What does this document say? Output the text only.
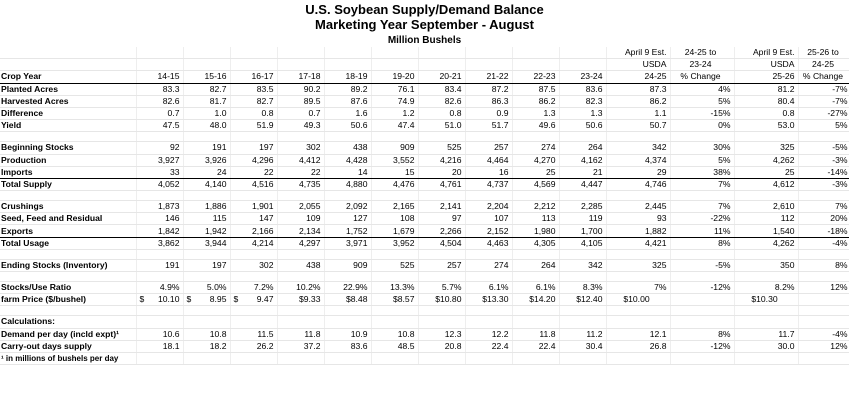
U.S. Soybean Supply/Demand Balance
Marketing Year September - August
Million Bushels
											April 9 Est.	24-25 to	April 9 Est.	25-26 to
											USDA	23-24	USDA	24-25
Crop Year	14-15	15-16	16-17	17-18	18-19	19-20	20-21	21-22	22-23	23-24	24-25	% Change	25-26	% Change
Planted Acres	83.3	82.7	83.5	90.2	89.2	76.1	83.4	87.2	87.5	83.6	87.3	4%	81.2	-7%
Harvested Acres	82.6	81.7	82.7	89.5	87.6	74.9	82.6	86.3	86.2	82.3	86.2	5%	80.4	-7%
Difference	0.7	1.0	0.8	0.7	1.6	1.2	0.8	0.9	1.3	1.3	1.1	-15%	0.8	-27%
Yield	47.5	48.0	51.9	49.3	50.6	47.4	51.0	51.7	49.6	50.6	50.7	0%	53.0	5%

Beginning Stocks	92	191	197	302	438	909	525	257	274	264	342	30%	325	-5%
Production	3,927	3,926	4,296	4,412	4,428	3,552	4,216	4,464	4,270	4,162	4,374	5%	4,262	-3%
Imports	33	24	22	22	14	15	20	16	25	21	29	38%	25	-14%
Total Supply	4,052	4,140	4,516	4,735	4,880	4,476	4,761	4,737	4,569	4,447	4,746	7%	4,612	-3%

Crushings	1,873	1,886	1,901	2,055	2,092	2,165	2,141	2,204	2,212	2,285	2,445	7%	2,610	7%
Seed, Feed and Residual	146	115	147	109	127	108	97	107	113	119	93	-22%	112	20%
Exports	1,842	1,942	2,166	2,134	1,752	1,679	2,266	2,152	1,980	1,700	1,882	11%	1,540	-18%
Total Usage	3,862	3,944	4,214	4,297	3,971	3,952	4,504	4,463	4,305	4,105	4,421	8%	4,262	-4%

Ending Stocks (Inventory)	191	197	302	438	909	525	257	274	264	342	325	-5%	350	8%

Stocks/Use Ratio	4.9%	5.0%	7.2%	10.2%	22.9%	13.3%	5.7%	6.1%	6.1%	8.3%	7%	-12%	8.2%	12%
farm Price ($/bushel)	$ 10.10	$ 8.95	$ 9.47	$9.33	$8.48	$8.57	$10.80	$13.30	$14.20	$12.40	$10.00		$10.30	

Calculations:														
Demand per day (incld expt)¹	10.6	10.8	11.5	11.8	10.9	10.8	12.3	12.2	11.8	11.2	12.1	8%	11.7	-4%
Carry-out days supply	18.1	18.2	26.2	37.2	83.6	48.5	20.8	22.4	22.4	30.4	26.8	-12%	30.0	12%
¹ in millions of bushels per day														
